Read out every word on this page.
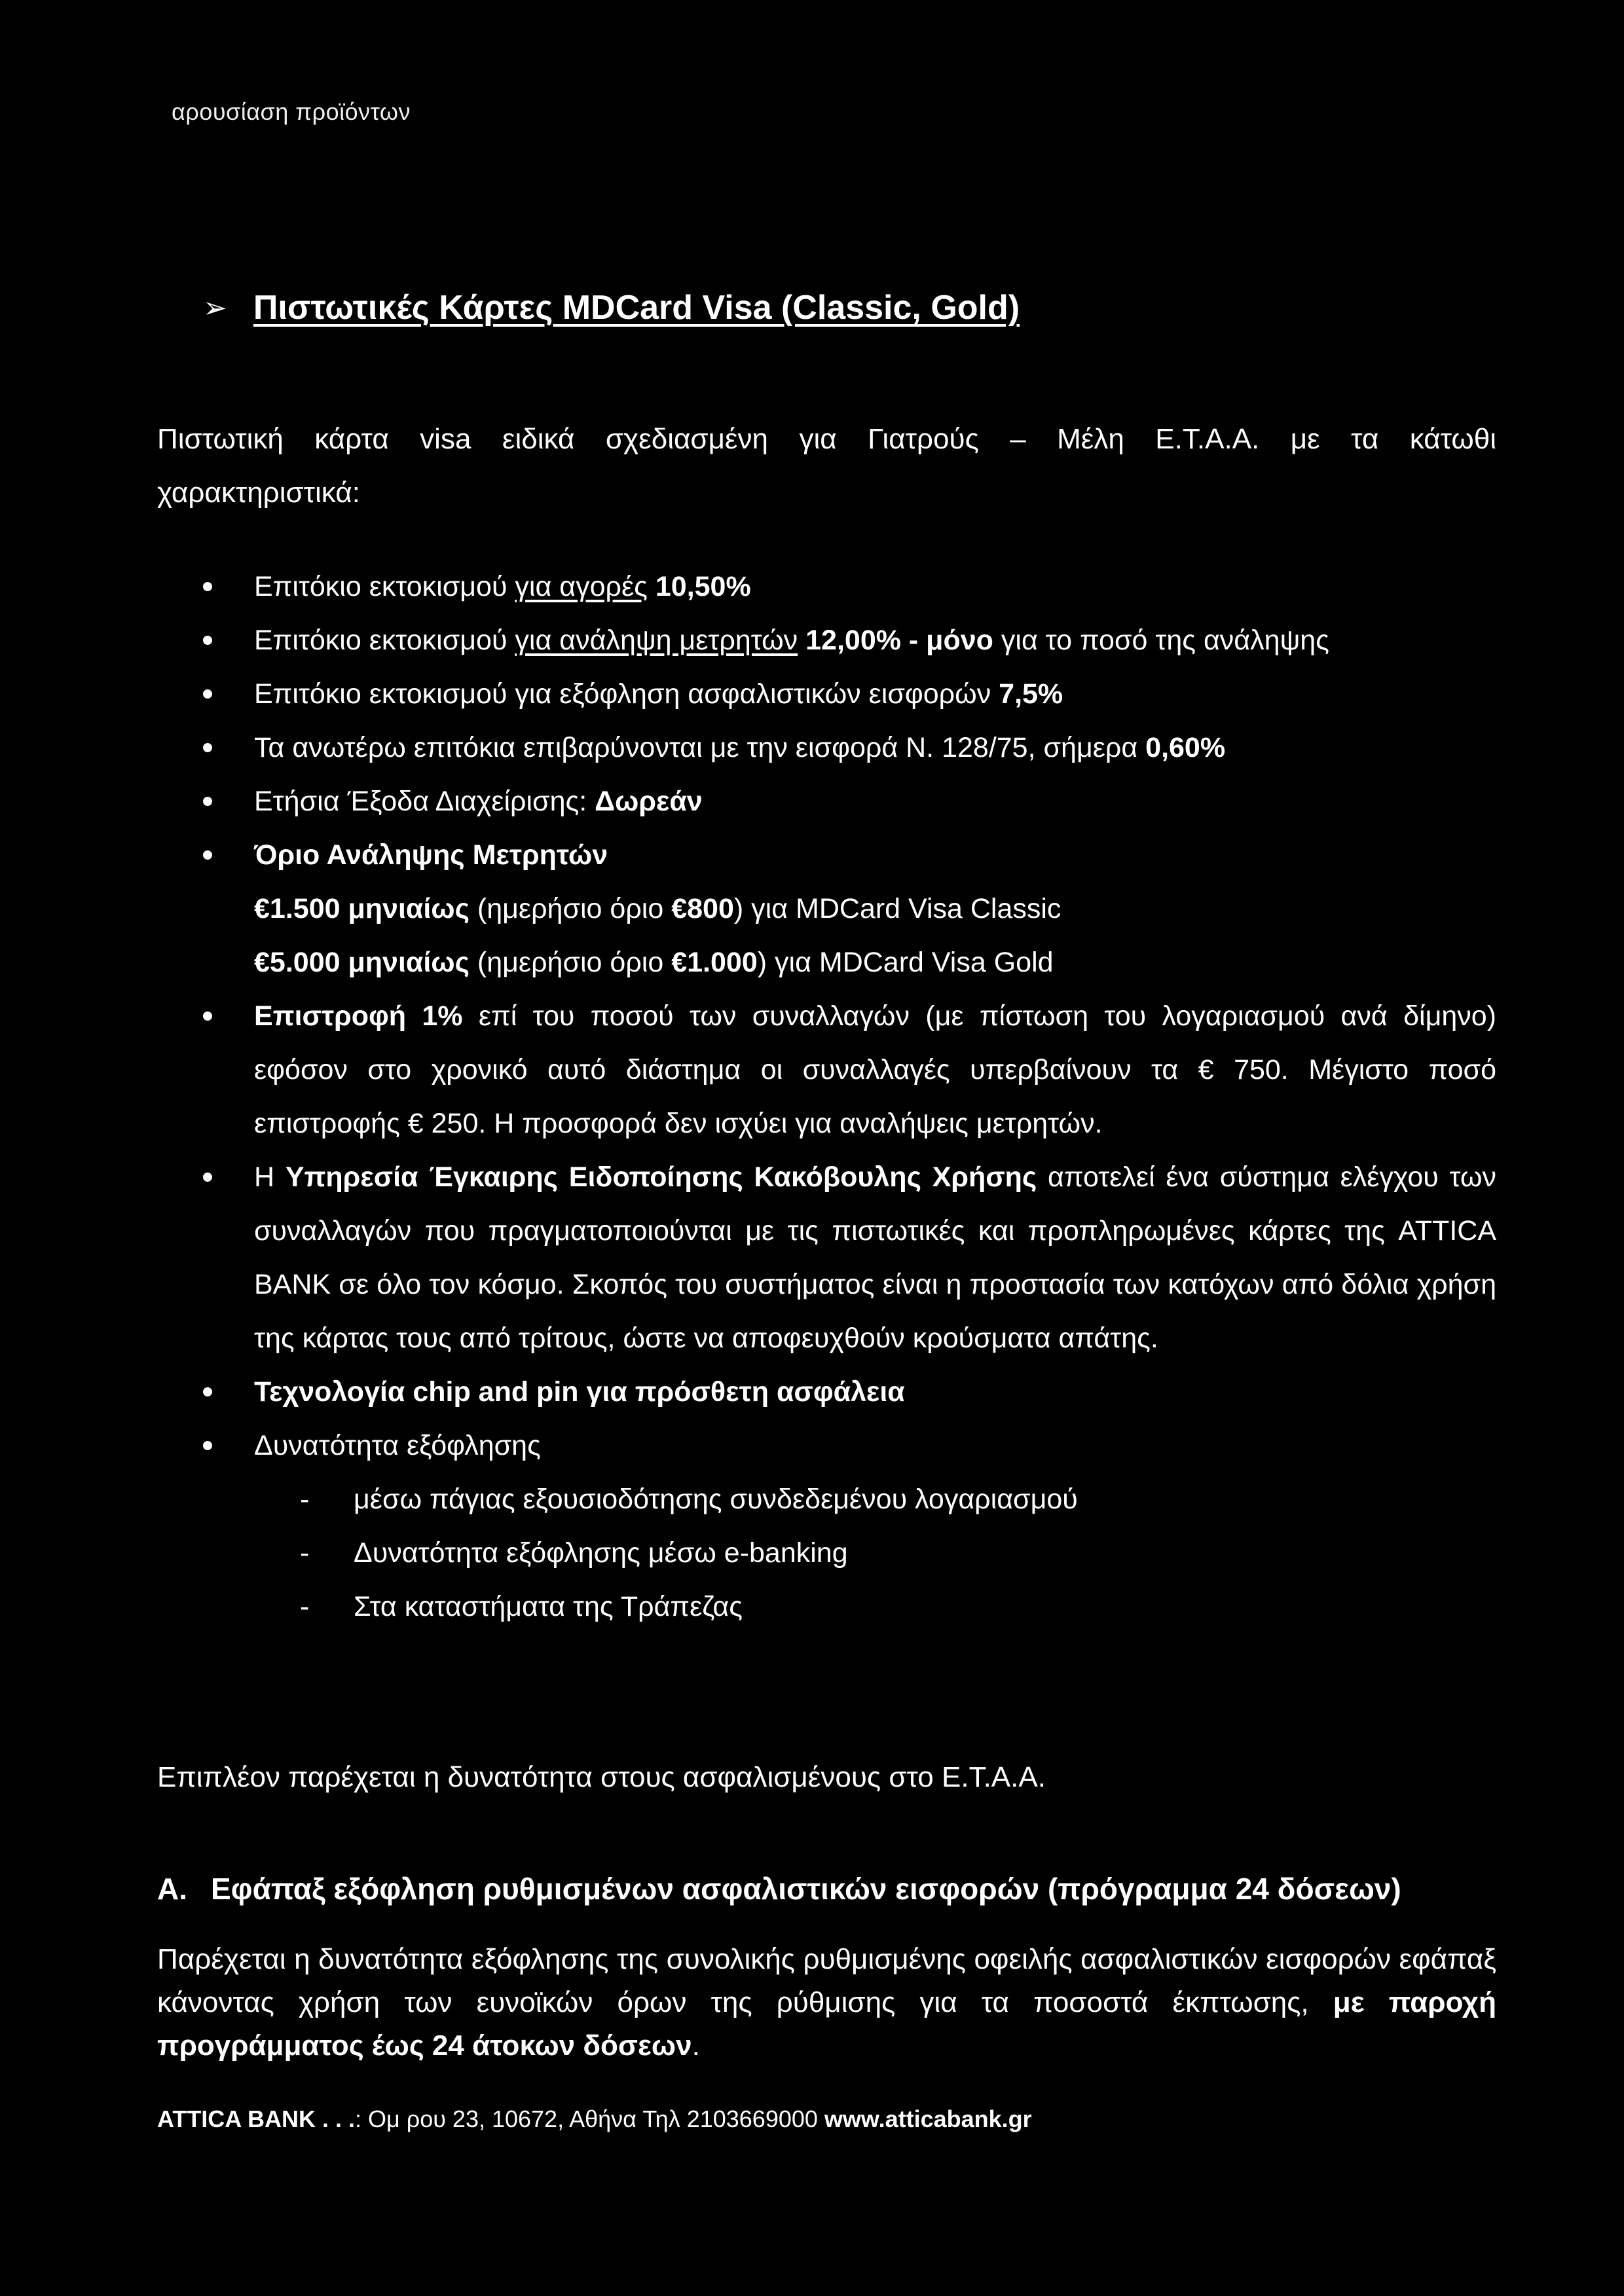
αρουσίαση προϊόντων
➢ Πιστωτικές Κάρτες MDCard Visa (Classic, Gold)
Πιστωτική κάρτα visa ειδικά σχεδιασμένη για Γιατρούς – Μέλη Ε.Τ.Α.Α. με τα κάτωθι χαρακτηριστικά:
Επιτόκιο εκτοκισμού για αγορές 10,50%
Επιτόκιο εκτοκισμού για ανάληψη μετρητών 12,00% - μόνο για το ποσό της ανάληψης
Επιτόκιο εκτοκισμού για εξόφληση ασφαλιστικών εισφορών 7,5%
Τα ανωτέρω επιτόκια επιβαρύνονται με την εισφορά Ν. 128/75, σήμερα 0,60%
Ετήσια Έξοδα Διαχείρισης: Δωρεάν
Όριο Ανάληψης Μετρητών
€1.500 μηνιαίως (ημερήσιο όριο €800) για MDCard Visa Classic
€5.000 μηνιαίως (ημερήσιο όριο €1.000) για MDCard Visa Gold
Επιστροφή 1% επί του ποσού των συναλλαγών (με πίστωση του λογαριασμού ανά δίμηνο) εφόσον στο χρονικό αυτό διάστημα οι συναλλαγές υπερβαίνουν τα € 750. Μέγιστο ποσό επιστροφής € 250. Η προσφορά δεν ισχύει για αναλήψεις μετρητών.
Η Υπηρεσία Έγκαιρης Ειδοποίησης Κακόβουλης Χρήσης αποτελεί ένα σύστημα ελέγχου των συναλλαγών που πραγματοποιούνται με τις πιστωτικές και προπληρωμένες κάρτες της ATTICA BANK σε όλο τον κόσμο. Σκοπός του συστήματος είναι η προστασία των κατόχων από δόλια χρήση της κάρτας τους από τρίτους, ώστε να αποφευχθούν κρούσματα απάτης.
Τεχνολογία chip and pin για πρόσθετη ασφάλεια
Δυνατότητα εξόφλησης
- μέσω πάγιας εξουσιοδότησης συνδεδεμένου λογαριασμού
- Δυνατότητα εξόφλησης μέσω e-banking
- Στα καταστήματα της Τράπεζας
Επιπλέον παρέχεται η δυνατότητα στους ασφαλισμένους στο Ε.Τ.Α.Α.
Α. Εφάπαξ εξόφληση ρυθμισμένων ασφαλιστικών εισφορών (πρόγραμμα 24 δόσεων)
Παρέχεται η δυνατότητα εξόφλησης της συνολικής ρυθμισμένης οφειλής ασφαλιστικών εισφορών εφάπαξ κάνοντας χρήση των ευνοϊκών όρων της ρύθμισης για τα ποσοστά έκπτωσης, με παροχή προγράμματος έως 24 άτοκων δόσεων.
ATTICA BANK . . .: Ομ ρου 23, 10672, Αθήνα Τηλ 2103669000 www.atticabank.gr
